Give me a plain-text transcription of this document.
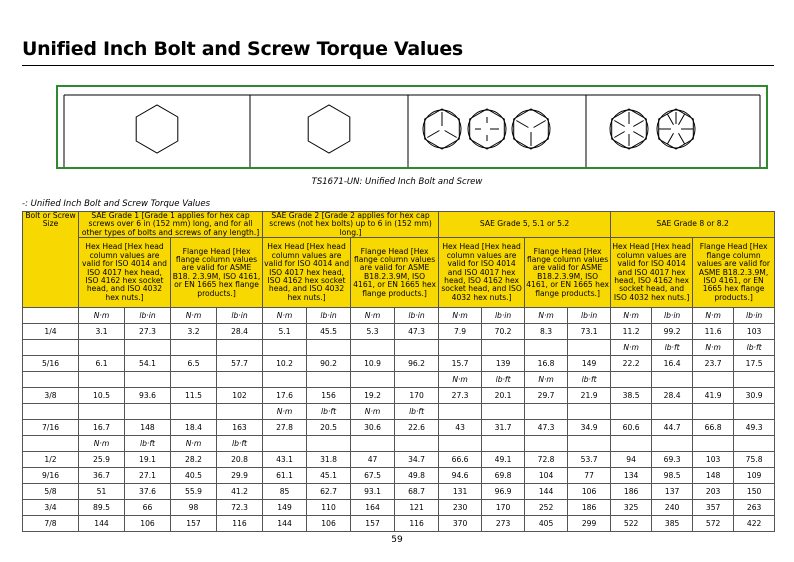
Unified Inch Bolt and Screw Torque Values
TS1671-UN: Unified Inch Bolt and Screw
-: Unified Inch Bolt and Screw Torque Values
Bolt or Screw Size	SAE Grade 1 [Grade 1 applies for hex cap screws over 6 in (152 mm) long, and for all other types of bolts and screws of any length.]				SAE Grade 2 [Grade 2 applies for hex cap screws (not hex bolts) up to 6 in (152 mm) long.]				SAE Grade 5, 5.1 or 5.2				SAE Grade 8 or 8.2			
	Hex Head [Hex head column values are valid for ISO 4014 and ISO 4017 hex head, ISO 4162 hex socket head, and ISO 4032 hex nuts.]		Flange Head [Hex flange column values are valid for ASME B18. 2.3.9M, ISO 4161, or EN 1665 hex flange products.]		Hex Head [Hex head column values are valid for ISO 4014 and ISO 4017 hex head, ISO 4162 hex socket head, and ISO 4032 hex nuts.]		Flange Head [Hex flange column values are valid for ASME B18.2.3.9M, ISO 4161, or EN 1665 hex flange products.]		Hex Head [Hex head column values are valid for ISO 4014 and ISO 4017 hex head, ISO 4162 hex socket head, and ISO 4032 hex nuts.]		Flange Head [Hex flange column values are valid for ASME B18.2.3.9M, ISO 4161, or EN 1665 hex flange products.]		Hex Head [Hex head column values are valid for ISO 4014 and ISO 4017 hex head, ISO 4162 hex socket head, and ISO 4032 hex nuts.]		Flange Head [Hex flange column values are valid for ASME B18.2.3.9M, ISO 4161, or EN 1665 hex flange products.]	
	N·m	lb·in	N·m	lb·in	N·m	lb·in	N·m	lb·in	N·m	lb·in	N·m	lb·in	N·m	lb·in	N·m	lb·in
1/4	3.1	27.3	3.2	28.4	5.1	45.5	5.3	47.3	7.9	70.2	8.3	73.1	11.2	99.2	11.6	103
													N·m	lb·ft	N·m	lb·ft
5/16	6.1	54.1	6.5	57.7	10.2	90.2	10.9	96.2	15.7	139	16.8	149	22.2	16.4	23.7	17.5
									N·m	lb·ft	N·m	lb·ft				
3/8	10.5	93.6	11.5	102	17.6	156	19.2	170	27.3	20.1	29.7	21.9	38.5	28.4	41.9	30.9
					N·m	lb·ft	N·m	lb·ft								
7/16	16.7	148	18.4	163	27.8	20.5	30.6	22.6	43	31.7	47.3	34.9	60.6	44.7	66.8	49.3
	N·m	lb·ft	N·m	lb·ft												
1/2	25.9	19.1	28.2	20.8	43.1	31.8	47	34.7	66.6	49.1	72.8	53.7	94	69.3	103	75.8
9/16	36.7	27.1	40.5	29.9	61.1	45.1	67.5	49.8	94.6	69.8	104	77	134	98.5	148	109
5/8	51	37.6	55.9	41.2	85	62.7	93.1	68.7	131	96.9	144	106	186	137	203	150
3/4	89.5	66	98	72.3	149	110	164	121	230	170	252	186	325	240	357	263
7/8	144	106	157	116	144	106	157	116	370	273	405	299	522	385	572	422
59
